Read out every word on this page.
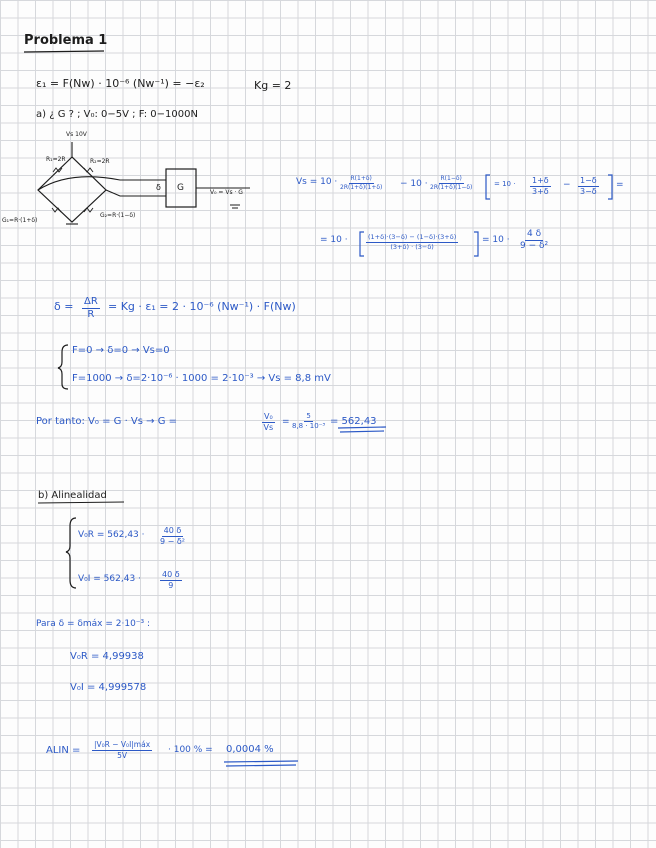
Problema 1
ε₁ = F(Nw) · 10⁻⁶ (Nw⁻¹) = −ε₂	Kg = 2
a) ¿ G ? ; V₀: 0−5V ; F: 0−1000N
Vs 10V
R₁=2R	R₂=2R
G₁=R·(1+δ)
G₂=R·(1−δ)
δ G	V₀ = Vs · G
$Vs = 10 \cdot \frac{R(1+\delta)}{2R(1+\delta)(1+\delta)} - 10 \cdot \frac{R(1-\delta)}{2R(1+\delta)(1-\delta)}$	= $10 \cdot \frac{1+\delta}{3+\delta} - \frac{1-\delta}{3-\delta}$ =
= 10 ·	$\frac{(1+\delta)\cdot(3-\delta) - (1-\delta)\cdot(3+\delta)}{(3+\delta) \cdot (3-\delta)}$	= $10 \cdot \frac{4 \delta}{\text{9 − δ²}}$
$\delta = \frac{\Delta R}{R} = Kg \cdot \varepsilon_1 = 2 \cdot 10^{-6}$ (Nw⁻¹) · F(Nw)
F=0 → δ=0 → Vs=0
F=1000 → δ=2·10⁻⁶ · 1000 = 2·10⁻³ → Vs = 8,8 mV
Por tanto: V₀ = G · Vs → G =	$\frac{\text{V₀}}{Vs} = \frac{5}{\text{8,8 · 10⁻³}} = 562,43$
b) Alinealidad
$V_0R = 562,43 \cdot \frac{40 \delta}{\text{9 − δ²}}$
$V_0I = 562,43 \cdot \frac{40 \delta}{9}$
Para δ = δmáx = 2·10⁻³ :
V₀R = 4,99938
V₀I = 4,999578
ALIN =
|V₀R − V₀I|máx
5V	· 100 % = 0,0004 %
